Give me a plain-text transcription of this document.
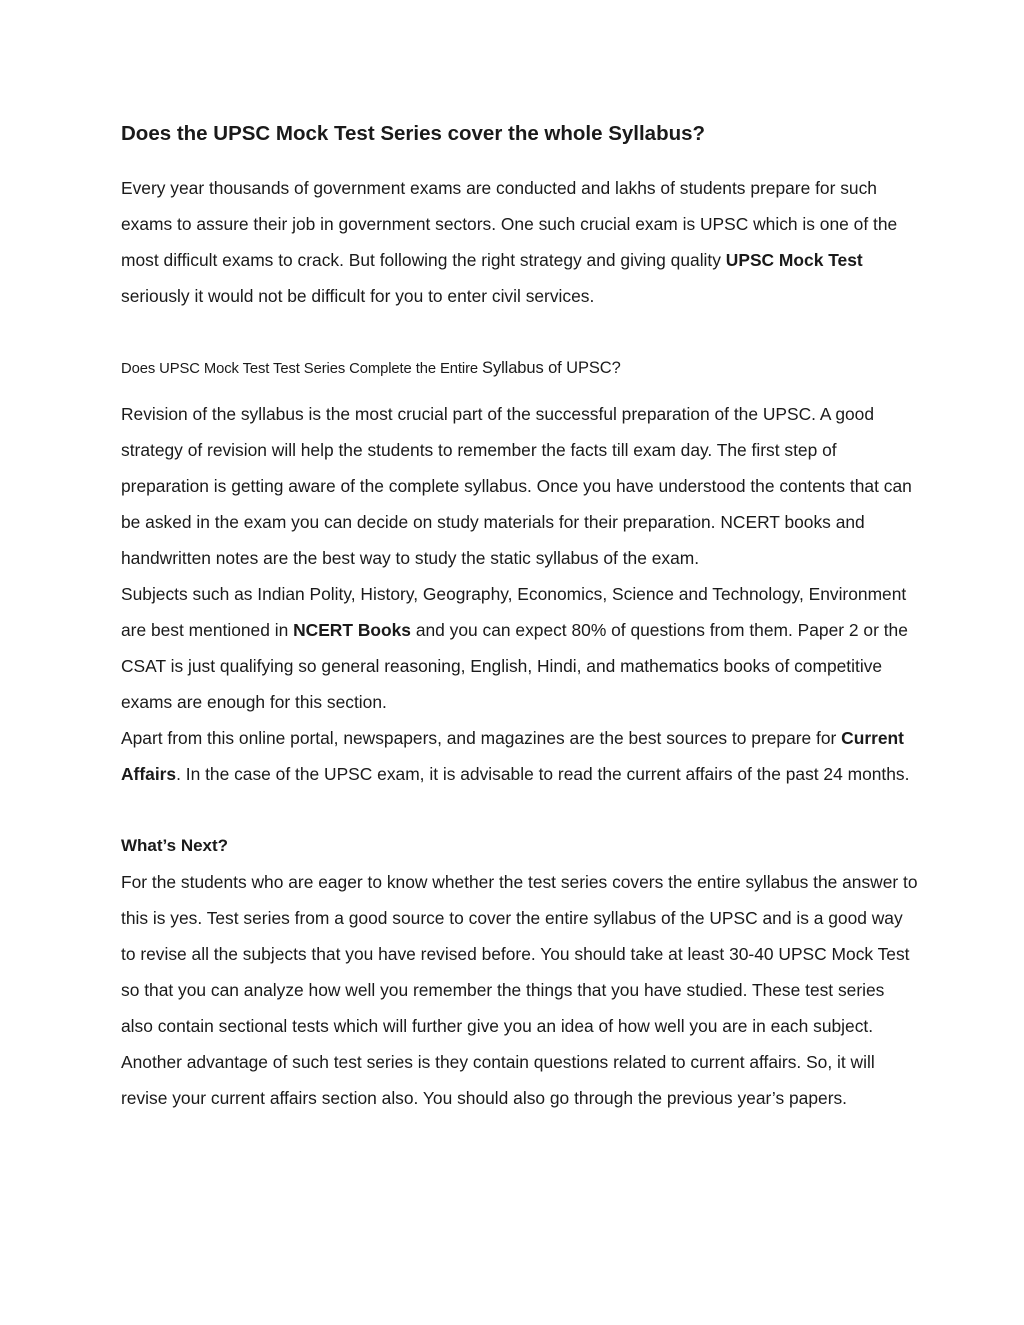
Does the UPSC Mock Test Series cover the whole Syllabus?

Every year thousands of government exams are conducted and lakhs of students prepare for such exams to assure their job in government sectors. One such crucial exam is UPSC which is one of the most difficult exams to crack. But following the right strategy and giving quality UPSC Mock Test seriously it would not be difficult for you to enter civil services.

Does UPSC Mock Test Test Series Complete the Entire Syllabus of UPSC?

Revision of the syllabus is the most crucial part of the successful preparation of the UPSC. A good strategy of revision will help the students to remember the facts till exam day. The first step of preparation is getting aware of the complete syllabus. Once you have understood the contents that can be asked in the exam you can decide on study materials for their preparation. NCERT books and handwritten notes are the best way to study the static syllabus of the exam.

Subjects such as Indian Polity, History, Geography, Economics, Science and Technology, Environment are best mentioned in NCERT Books and you can expect 80% of questions from them. Paper 2 or the CSAT is just qualifying so general reasoning, English, Hindi, and mathematics books of competitive exams are enough for this section.

Apart from this online portal, newspapers, and magazines are the best sources to prepare for Current Affairs. In the case of the UPSC exam, it is advisable to read the current affairs of the past 24 months.

What’s Next?

For the students who are eager to know whether the test series covers the entire syllabus the answer to this is yes. Test series from a good source to cover the entire syllabus of the UPSC and is a good way to revise all the subjects that you have revised before. You should take at least 30-40 UPSC Mock Test so that you can analyze how well you remember the things that you have studied. These test series also contain sectional tests which will further give you an idea of how well you are in each subject. Another advantage of such test series is they contain questions related to current affairs. So, it will revise your current affairs section also. You should also go through the previous year’s papers.
